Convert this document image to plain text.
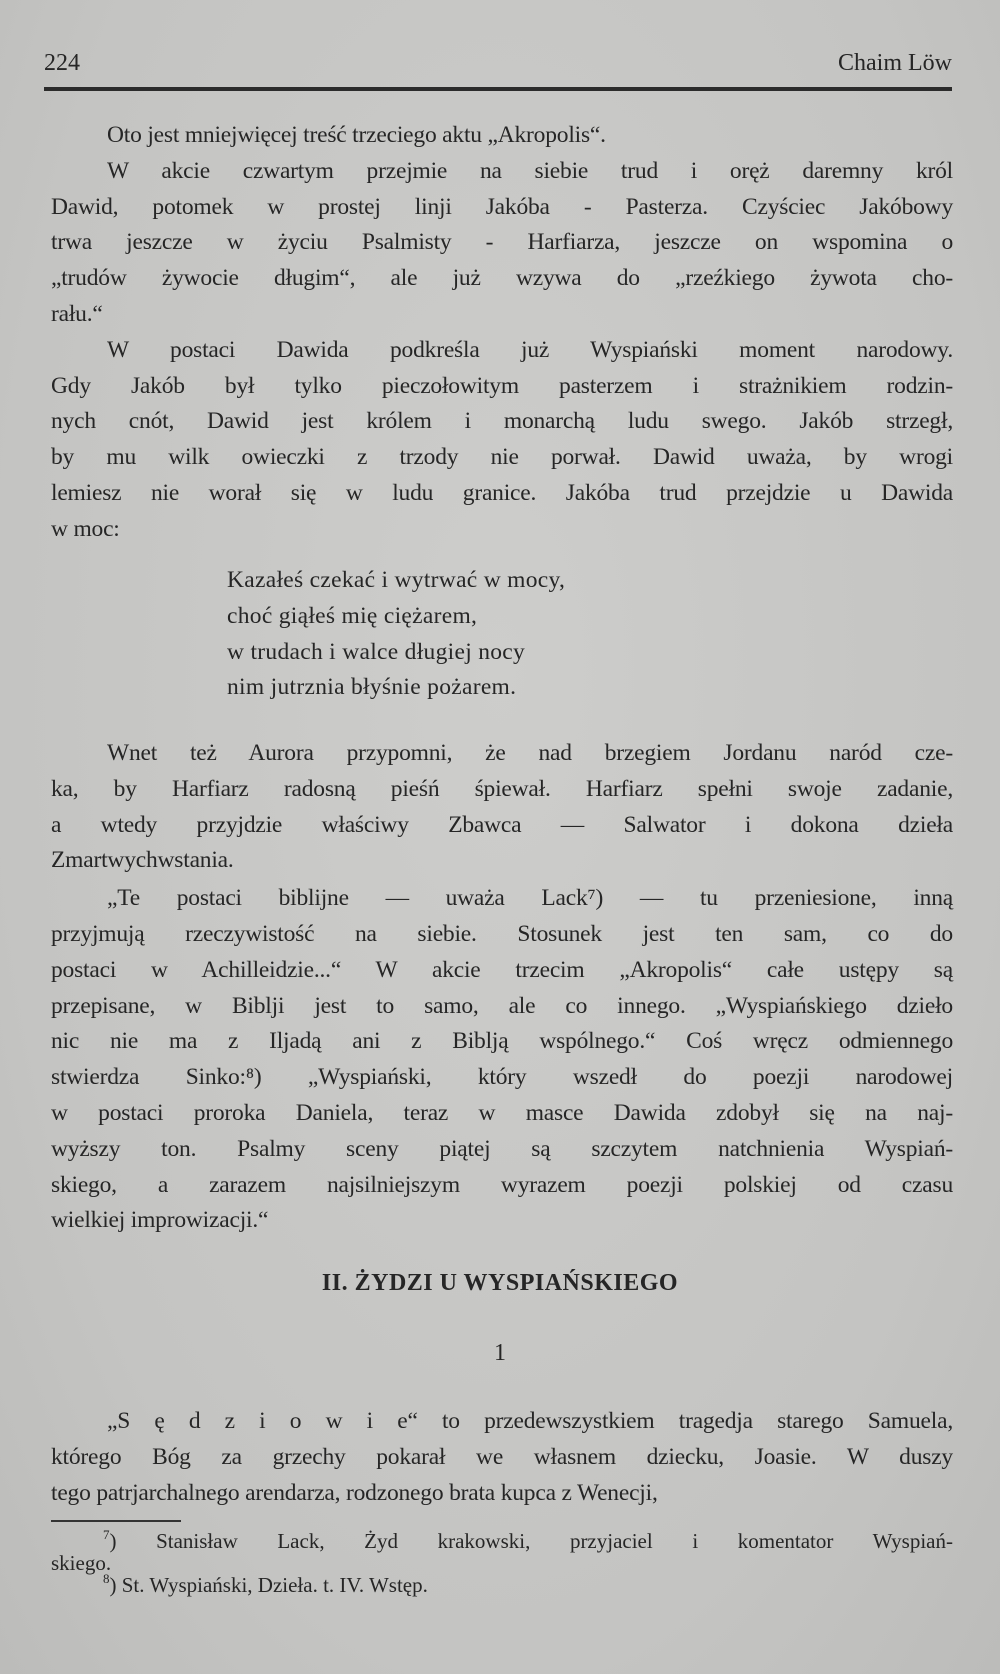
224	Chaim Löw
Oto jest mniejwięcej treść trzeciego aktu „Akropolis“.
W akcie czwartym przejmie na siebie trud i oręż daremny król
Dawid, potomek w prostej linji Jakóba - Pasterza. Czyściec Jakóbowy
trwa jeszcze w życiu Psalmisty - Harfiarza, jeszcze on wspomina o
„trudów żywocie długim“, ale już wzywa do „rzeźkiego żywota cho-
rału.“
W postaci Dawida podkreśla już Wyspiański moment narodowy.
Gdy Jakób był tylko pieczołowitym pasterzem i strażnikiem rodzin-
nych cnót, Dawid jest królem i monarchą ludu swego. Jakób strzegł,
by mu wilk owieczki z trzody nie porwał. Dawid uważa, by wrogi
lemiesz nie worał się w ludu granice. Jakóba trud przejdzie u Dawida
w moc:
Kazałeś czekać i wytrwać w mocy,
choć giąłeś mię ciężarem,
w trudach i walce długiej nocy
nim jutrznia błyśnie pożarem.
Wnet też Aurora przypomni, że nad brzegiem Jordanu naród cze-
ka, by Harfiarz radosną pieśń śpiewał. Harfiarz spełni swoje zadanie,
a wtedy przyjdzie właściwy Zbawca — Salwator i dokona dzieła
Zmartwychwstania.
„Te postaci biblijne — uważa Lack⁷) — tu przeniesione, inną
przyjmują rzeczywistość na siebie. Stosunek jest ten sam, co do
postaci w Achilleidzie...“ W akcie trzecim „Akropolis“ całe ustępy są
przepisane, w Biblji jest to samo, ale co innego. „Wyspiańskiego dzieło
nic nie ma z Iljadą ani z Biblją wspólnego.“ Coś wręcz odmiennego
stwierdza Sinko:⁸) „Wyspiański, który wszedł do poezji narodowej
w postaci proroka Daniela, teraz w masce Dawida zdobył się na naj-
wyższy ton. Psalmy sceny piątej są szczytem natchnienia Wyspiań-
skiego, a zarazem najsilniejszym wyrazem poezji polskiej od czasu
wielkiej improwizacji.“
II. ŻYDZI U WYSPIAŃSKIEGO
1
„S ę d z i o w i e“ to przedewszystkiem tragedja starego Samuela,
którego Bóg za grzechy pokarał we własnem dziecku, Joasie. W duszy
tego patrjarchalnego arendarza, rodzonego brata kupca z Wenecji,
$^7$) Stanisław Lack, Żyd krakowski, przyjaciel i komentator Wyspiań-
skiego.
$^8$) St. Wyspiański, Dzieła. t. IV. Wstęp.
